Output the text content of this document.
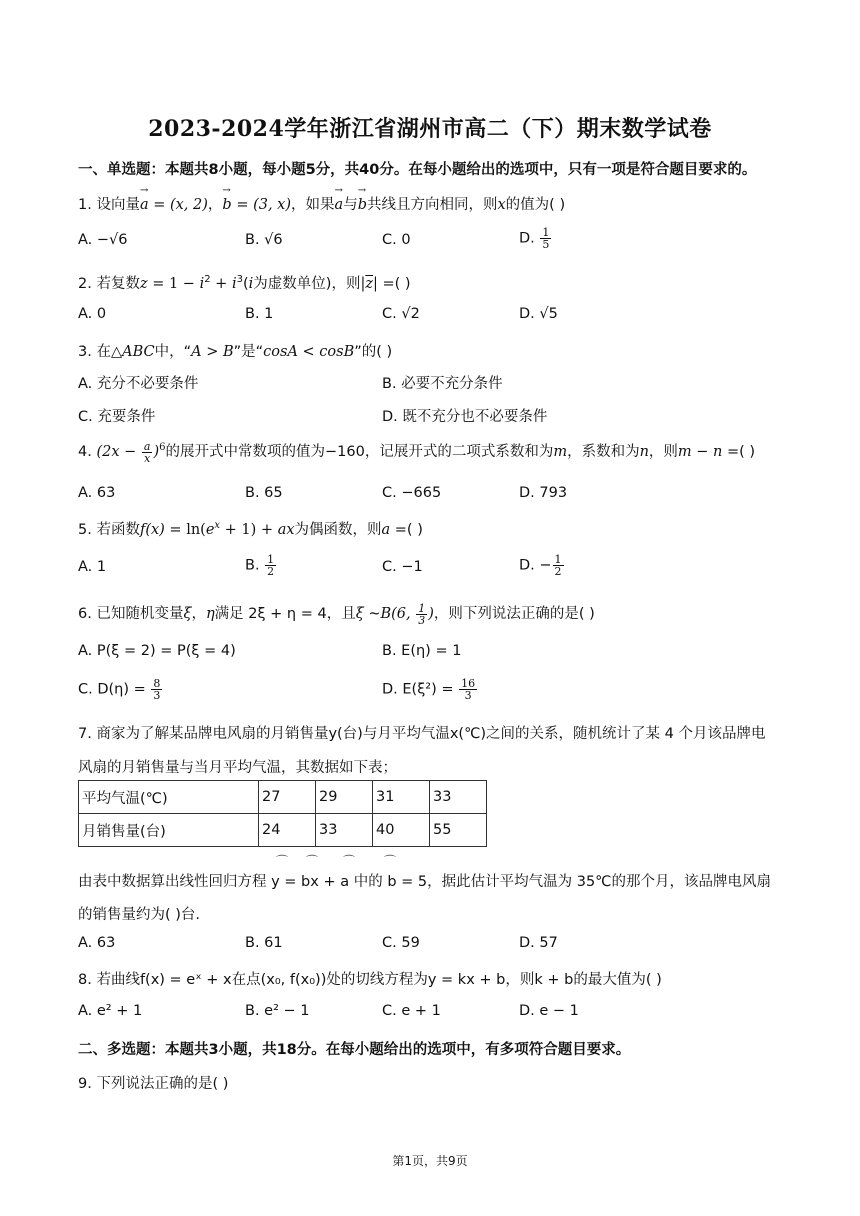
2023-2024学年浙江省湖州市高二（下）期末数学试卷
一、单选题：本题共8小题，每小题5分，共40分。在每小题给出的选项中，只有一项是符合题目要求的。
1. 设向量→ a = (x, 2)，→ b = (3, x)，如果→ a与→ b共线且方向相同，则x的值为( )
A. −√6	B. √6	C. 0	D. $\frac{1}{5}$
2. 若复数$z = 1 - i^2 + i^3(i$为虚数单位)，则$|\overline{z}|$ =( )
A. 0	B. 1	C. √2	D. √5
3. 在△ABC中，“A > B”是“cosA < cosB”的( )
A. 充分不必要条件	B. 必要不充分条件
C. 充要条件	D. 既不充分也不必要条件
4. $(2x - \frac{a}{x} )^6$的展开式中常数项的值为−160，记展开式的二项式系数和为m，系数和为n，则m − n =( )
A. 63	B. 65	C. −665	D. 793
5. 若函数$f(x) = \ln(e^x + 1)$ + ax为偶函数，则a =( )
A. 1	B. $\frac{1}{2}$	C. −1	D. − $\frac{1}{2}$
6. 已知随机变量ξ，η满足 2ξ + η = 4，且ξ ~B(6, $\frac{1}{3}$ )，则下列说法正确的是( )
A. P(ξ = 2) = P(ξ = 4)	B. E(η) = 1
C. $D(\eta) = \frac{8}{3}$	D. $E(\xi^2) = \frac{16}{3}$
7. 商家为了解某品牌电风扇的月销售量y(台)与月平均气温x(℃)之间的关系，随机统计了某 4 个月该品牌电
风扇的月销售量与当月平均气温，其数据如下表；
平均气温(℃)	27	29	31	33
月销售量(台)	24	33	40	55
⌒ ⌒ ⌒ ⌒
由表中数据算出线性回归方程 y = bx + a 中的 b = 5，据此估计平均气温为 35℃的那个月，该品牌电风扇
的销售量约为( )台.
A. 63	B. 61	C. 59	D. 57
8. 若曲线f(x) = eˣ + x在点(x₀, f(x₀))处的切线方程为y = kx + b，则k + b的最大值为( )
A. e² + 1	B. e² − 1	C. e + 1	D. e − 1
二、多选题：本题共3小题，共18分。在每小题给出的选项中，有多项符合题目要求。
9. 下列说法正确的是( )
第1页，共9页
